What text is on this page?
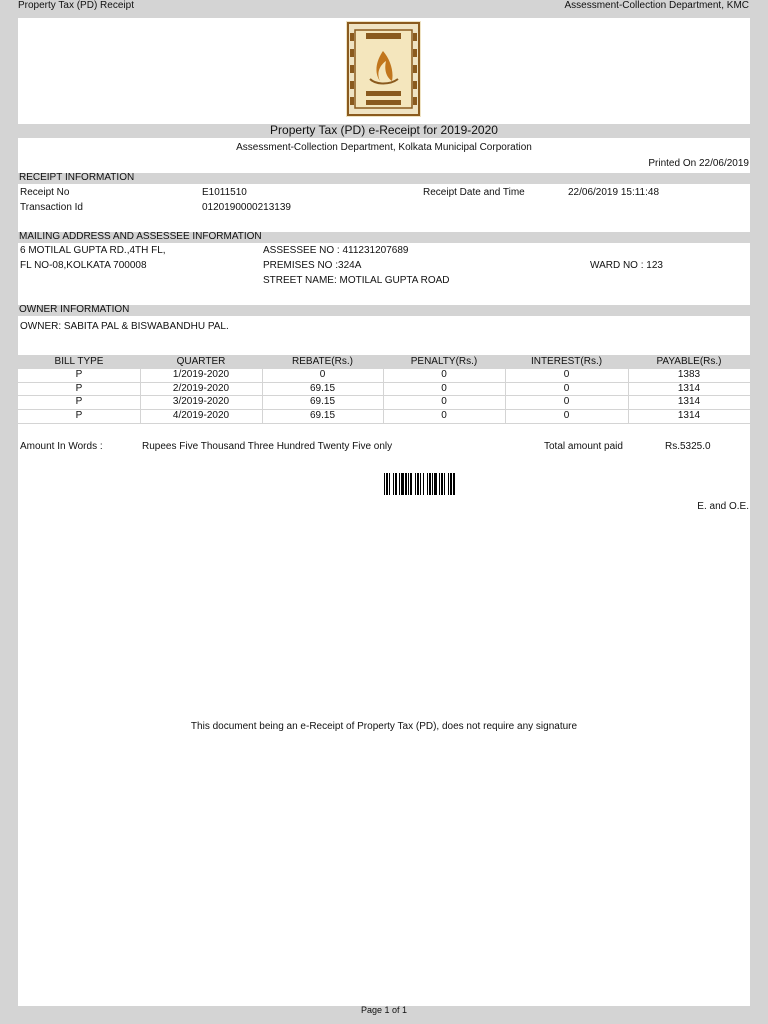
Property Tax (PD) Receipt	Assessment-Collection Department, KMC
Property Tax (PD) e-Receipt for 2019-2020
Assessment-Collection Department, Kolkata Municipal Corporation
Printed On 22/06/2019
RECEIPT INFORMATION
Receipt No	E1011510	Receipt Date and Time	22/06/2019 15:11:48
Transaction Id	0120190000213139
MAILING ADDRESS AND ASSESSEE INFORMATION
6 MOTILAL GUPTA RD.,4TH FL,
FL NO-08,KOLKATA 700008
ASSESSEE NO : 411231207689
PREMISES NO :324A
STREET NAME: MOTILAL GUPTA ROAD
WARD NO : 123
OWNER INFORMATION
OWNER: SABITA PAL & BISWABANDHU PAL.
BILL TYPE	QUARTER	REBATE(Rs.)	PENALTY(Rs.)	INTEREST(Rs.)	PAYABLE(Rs.)
P	1/2019-2020	0	0	0	1383
P	2/2019-2020	69.15	0	0	1314
P	3/2019-2020	69.15	0	0	1314
P	4/2019-2020	69.15	0	0	1314
Amount In Words :	Rupees Five Thousand Three Hundred Twenty Five only	Total amount paid	Rs.5325.0
E. and O.E.
This document being an e-Receipt of Property Tax (PD), does not require any signature
Page 1 of 1
